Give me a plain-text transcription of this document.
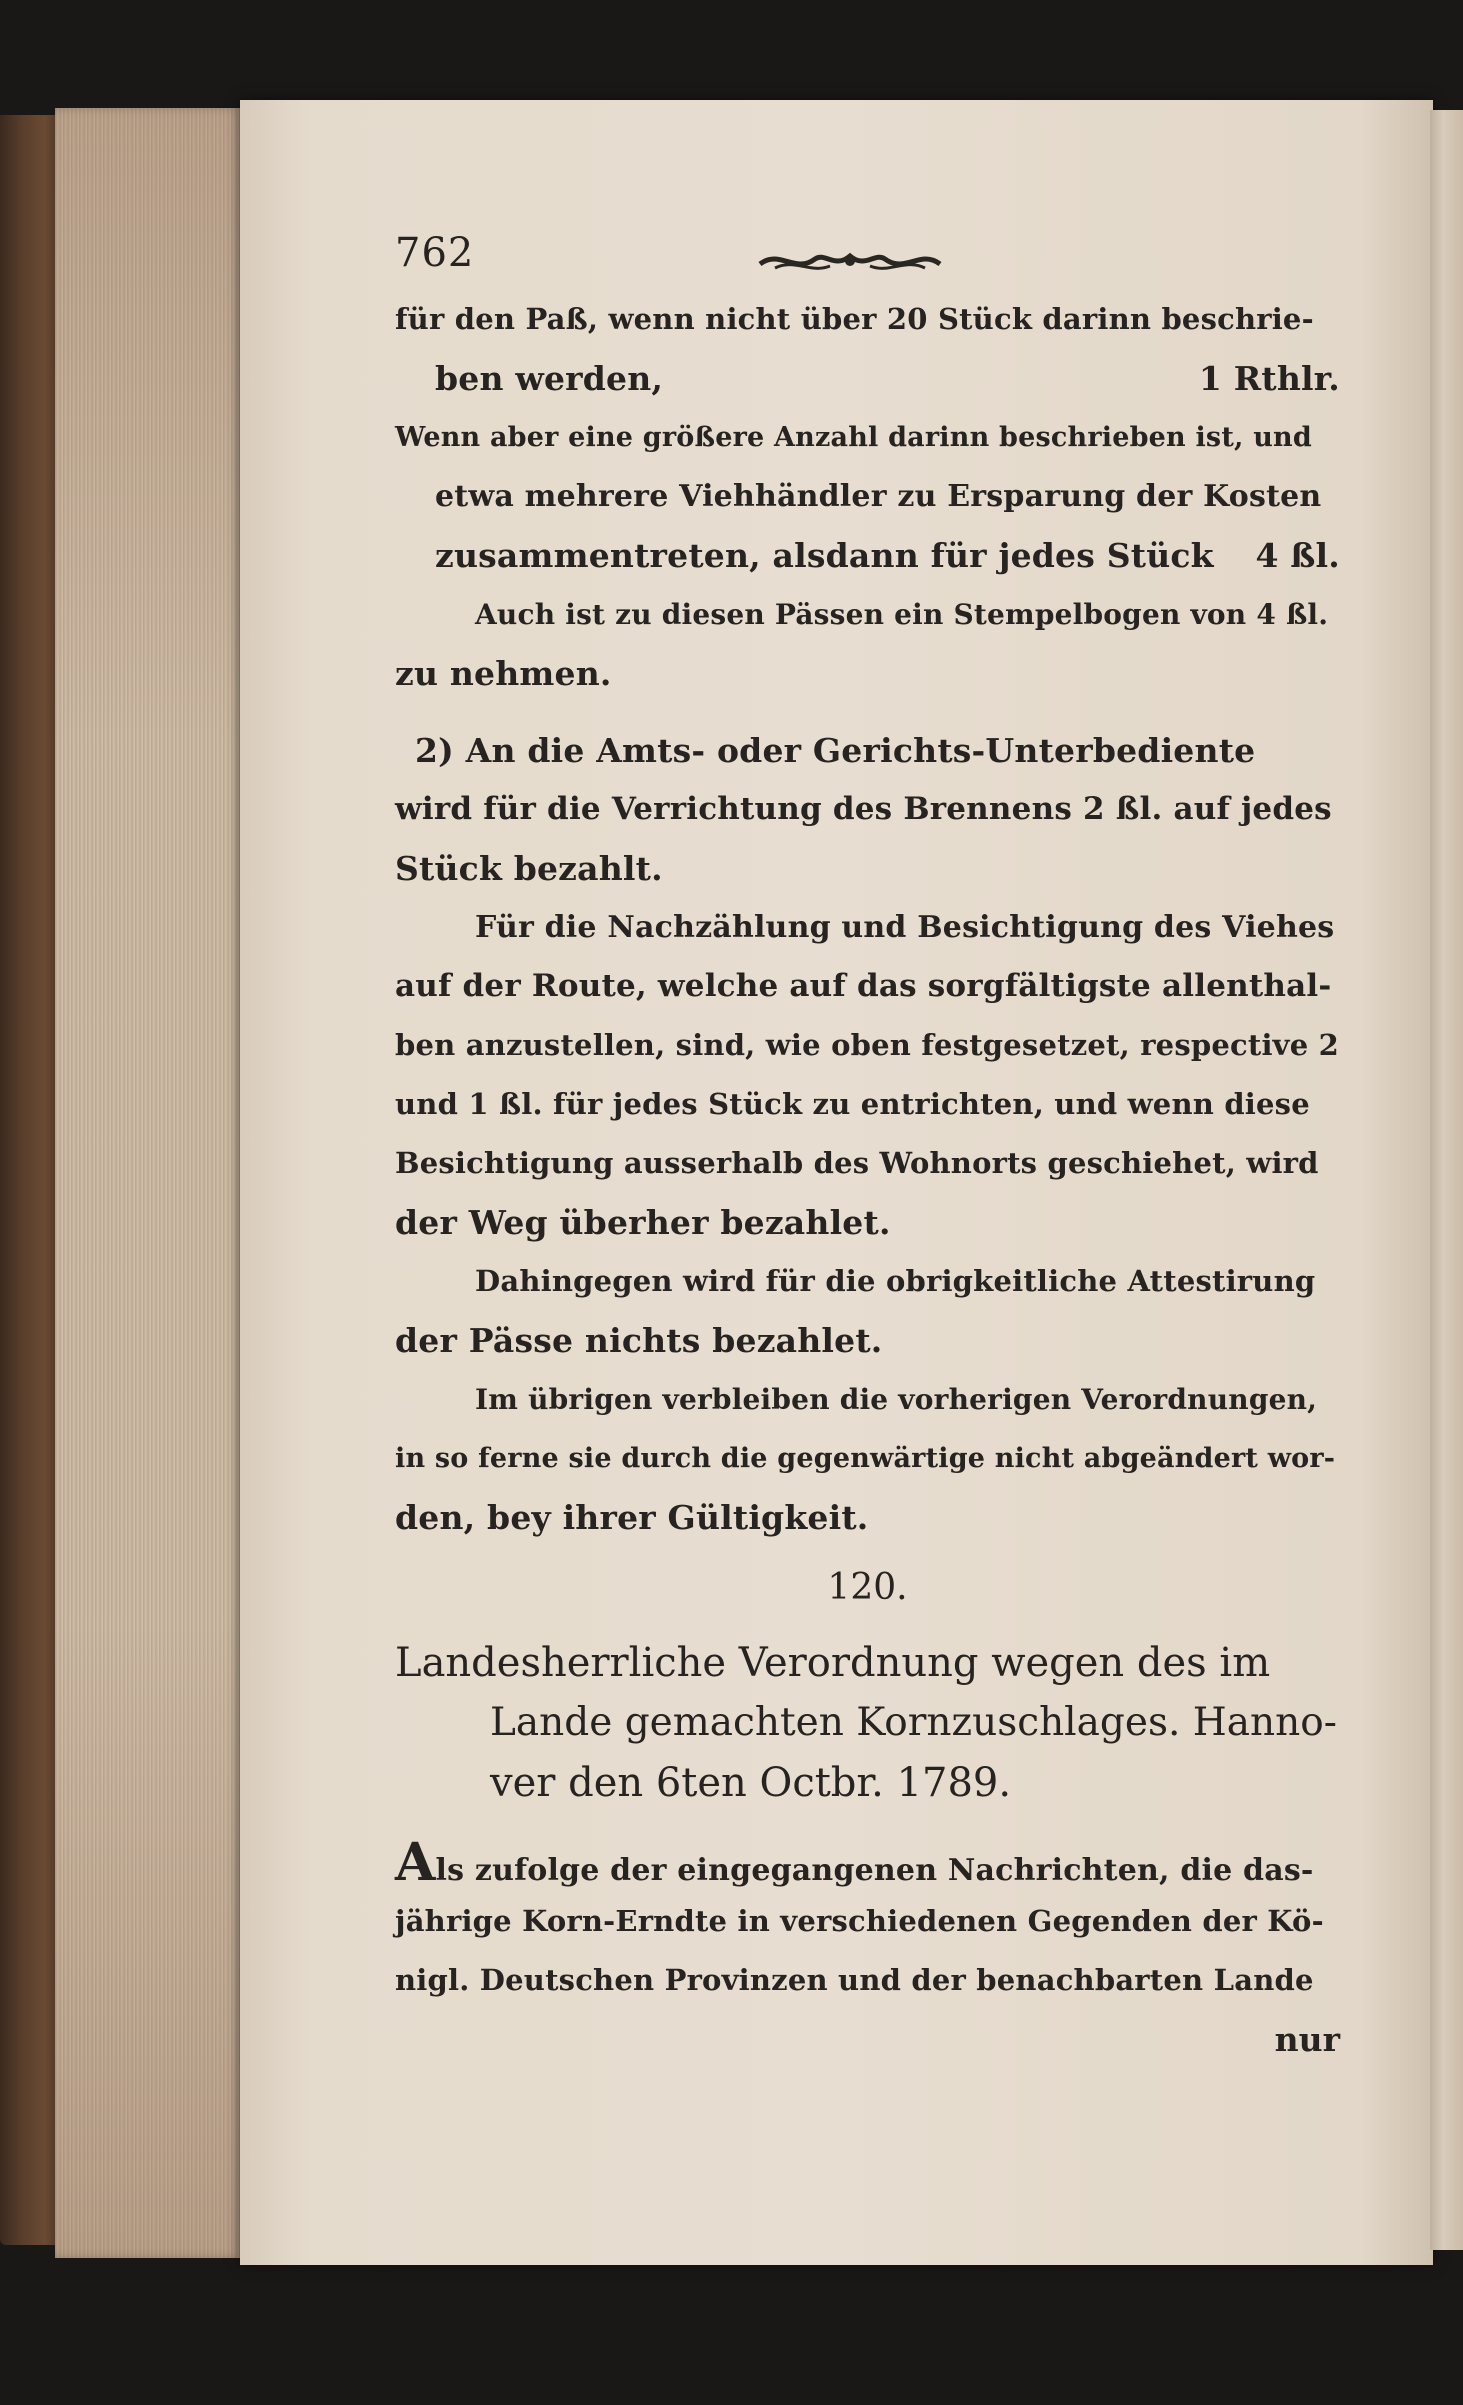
762
für den Paß, wenn nicht über 20 Stück darinn beschrie-
ben werden,	1 Rthlr.
Wenn aber eine größere Anzahl darinn beschrieben ist, und
etwa mehrere Viehhändler zu Ersparung der Kosten
zusammentreten, alsdann für jedes Stück 4 ßl.
Auch ist zu diesen Pässen ein Stempelbogen von 4 ßl.
zu nehmen.
2) An die Amts- oder Gerichts-Unterbediente
wird für die Verrichtung des Brennens 2 ßl. auf jedes
Stück bezahlt.
Für die Nachzählung und Besichtigung des Viehes
auf der Route, welche auf das sorgfältigste allenthal-
ben anzustellen, sind, wie oben festgesetzet, respective 2
und 1 ßl. für jedes Stück zu entrichten, und wenn diese
Besichtigung ausserhalb des Wohnorts geschiehet, wird
der Weg überher bezahlet.
Dahingegen wird für die obrigkeitliche Attestirung
der Pässe nichts bezahlet.
Im übrigen verbleiben die vorherigen Verordnungen,
in so ferne sie durch die gegenwärtige nicht abgeändert wor-
den, bey ihrer Gültigkeit.
120.
Landesherrliche Verordnung wegen des im
Lande gemachten Kornzuschlages. Hanno-
ver den 6ten Octbr. 1789.
Als zufolge der eingegangenen Nachrichten, die das-
jährige Korn-Erndte in verschiedenen Gegenden der Kö-
nigl. Deutschen Provinzen und der benachbarten Lande
nur
